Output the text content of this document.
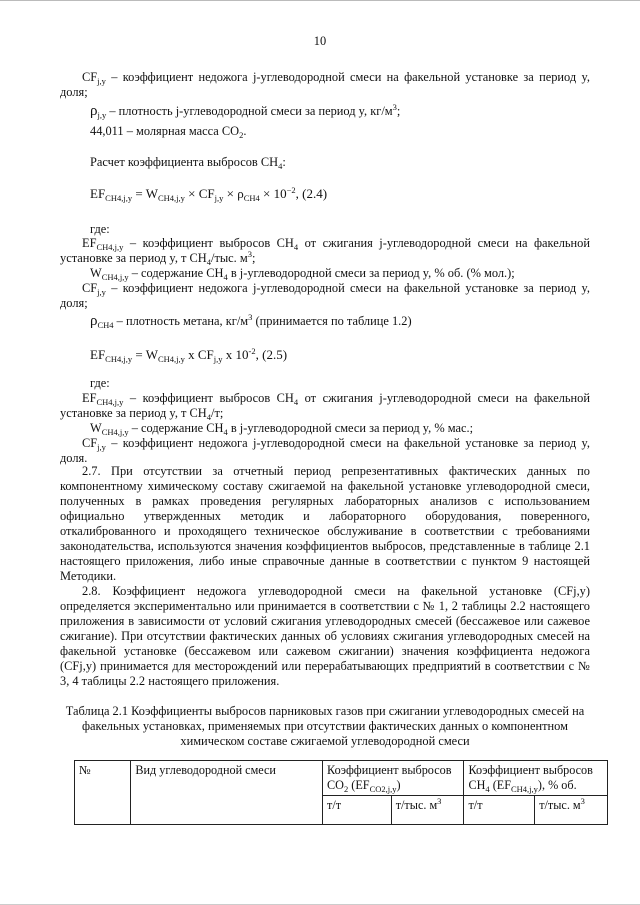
10

$CF_{j,y}$ – коэффициент недожога j-углеводородной смеси на факельной установке за период y, доля;

$\rho_{j,y}$ – плотность j-углеводородной смеси за период y, $кг/м^3$;

44,011 – молярная масса $CO_2$.

Расчет коэффициента выбросов $CH_4$:

$EF_{CH4,j,y} = W_{CH4,j,y} \times CF_{j,y} \times \rho_{CH4} \times 10^{-2}$, (2.4)

где:

$EF_{CH4,j,y}$ – коэффициент выбросов $CH_4$ от сжигания j-углеводородной смеси на факельной установке за период y, т $CH_4$/тыс. $м^3$;

$W_{CH4,j,y}$ – содержание $CH_4$ в j-углеводородной смеси за период y, % об. (% мол.);

$CF_{j,y}$ – коэффициент недожога j-углеводородной смеси на факельной установке за период y, доля;

$\rho_{CH4}$ – плотность метана, $кг/м^3$ (принимается по таблице 1.2)

$EF_{CH4,j,y} = W_{CH4,j,y}$ x $CF_{j,y}$ x $10^{-2}$, (2.5)

где:

$EF_{CH4,j,y}$ – коэффициент выбросов $CH_4$ от сжигания j-углеводородной смеси на факельной установке за период y, т $CH_4/т$;

$W_{CH4,j,y}$ – содержание $CH_4$ в j-углеводородной смеси за период y, % мас.;

$CF_{j,y}$ – коэффициент недожога j-углеводородной смеси на факельной установке за период y, доля.

2.7. При отсутствии за отчетный период репрезентативных фактических данных по компонентному химическому составу сжигаемой на факельной установке углеводородной смеси, полученных в рамках проведения регулярных лабораторных анализов с использованием официально утвержденных методик и лабораторного оборудования, поверенного, откалиброванного и проходящего техническое обслуживание в соответствии с требованиями законодательства, используются значения коэффициентов выбросов, представленные в таблице 2.1 настоящего приложения, либо иные справочные данные в соответствии с пунктом 9 настоящей Методики.

2.8. Коэффициент недожога углеводородной смеси на факельной установке (CFj,y) определяется экспериментально или принимается в соответствии с № 1, 2 таблицы 2.2 настоящего приложения в зависимости от условий сжигания углеводородных смесей (бессажевое или сажевое сжигание). При отсутствии фактических данных об условиях сжигания углеводородных смесей на факельной установке (бессажевом или сажевом сжигании) значения коэффициента недожога (CFj,y) принимается для месторождений или перерабатывающих предприятий в соответствии с № 3, 4 таблицы 2.2 настоящего приложения.

Таблица 2.1 Коэффициенты выбросов парниковых газов при сжигании углеводородных смесей на факельных установках, применяемых при отсутствии фактических данных о компонентном химическом составе сжигаемой углеводородной смеси

№	Вид углеводородной смеси	Коэффициент выбросов $CO_2$ $(EF_{CO2,j,y})$		Коэффициент выбросов $CH_4$ $(EF_{CH4,j,y})$, % об.	
		т/т	т/тыс. $м^3$	т/т	т/тыс. $м^3$
